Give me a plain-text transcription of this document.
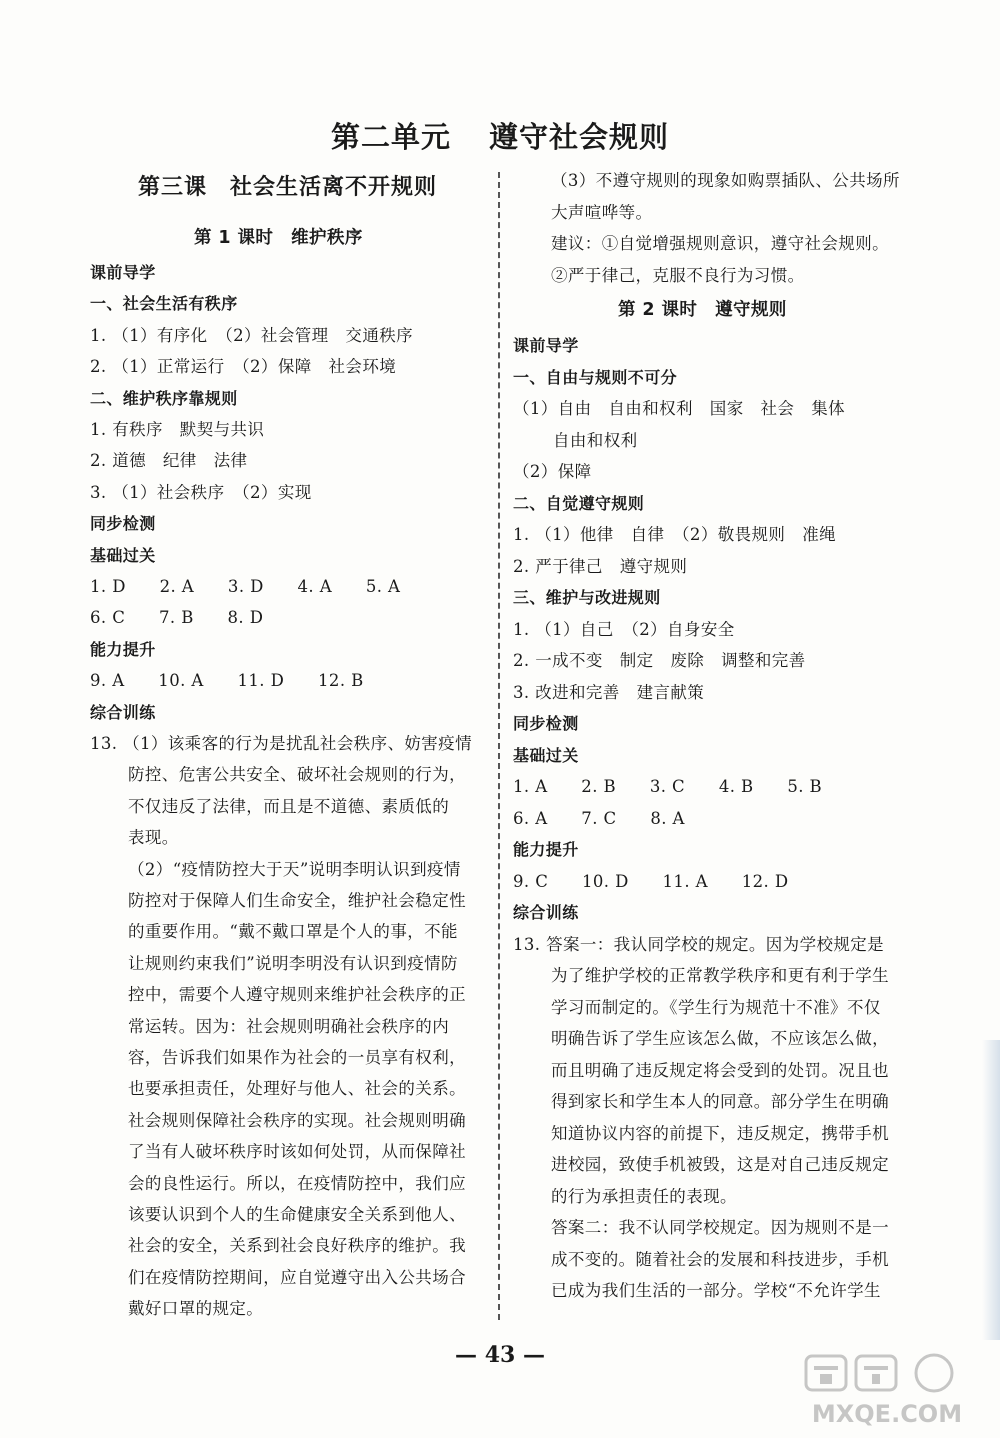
第二单元 遵守社会规则
第三课　社会生活离不开规则
第 1 课时　维护秩序
课前导学
一、社会生活有秩序
1. （1）有序化　（2）社会管理　交通秩序
2. （1）正常运行　（2）保障　社会环境
二、维护秩序靠规则
1. 有秩序　默契与共识
2. 道德　纪律　法律
3. （1）社会秩序　（2）实现
同步检测
基础过关
1. D　　2. A　　3. D　　4. A　　5. A
6. C　　7. B　　8. D
能力提升
9. A　　10. A　　11. D　　12. B
综合训练
13. （1）该乘客的行为是扰乱社会秩序、妨害疫情
防控、危害公共安全、破坏社会规则的行为，
不仅违反了法律，而且是不道德、素质低的
表现。
（2）“疫情防控大于天”说明李明认识到疫情
防控对于保障人们生命安全，维护社会稳定性
的重要作用。“戴不戴口罩是个人的事，不能
让规则约束我们”说明李明没有认识到疫情防
控中，需要个人遵守规则来维护社会秩序的正
常运转。因为：社会规则明确社会秩序的内
容，告诉我们如果作为社会的一员享有权利，
也要承担责任，处理好与他人、社会的关系。
社会规则保障社会秩序的实现。社会规则明确
了当有人破坏秩序时该如何处罚，从而保障社
会的良性运行。所以，在疫情防控中，我们应
该要认识到个人的生命健康安全关系到他人、
社会的安全，关系到社会良好秩序的维护。我
们在疫情防控期间，应自觉遵守出入公共场合
戴好口罩的规定。
（3）不遵守规则的现象如购票插队、公共场所
大声喧哗等。
建议：①自觉增强规则意识，遵守社会规则。
②严于律己，克服不良行为习惯。
第 2 课时　遵守规则
课前导学
一、自由与规则不可分
（1）自由　自由和权利　国家　社会　集体
自由和权利
（2）保障
二、自觉遵守规则
1. （1）他律　自律　（2）敬畏规则　准绳
2. 严于律己　遵守规则
三、维护与改进规则
1. （1）自己　（2）自身安全
2. 一成不变　制定　废除　调整和完善
3. 改进和完善　建言献策
同步检测
基础过关
1. A　　2. B　　3. C　　4. B　　5. B
6. A　　7. C　　8. A
能力提升
9. C　　10. D　　11. A　　12. D
综合训练
13. 答案一：我认同学校的规定。因为学校规定是
为了维护学校的正常教学秩序和更有利于学生
学习而制定的。《学生行为规范十不准》不仅
明确告诉了学生应该怎么做，不应该怎么做，
而且明确了违反规定将会受到的处罚。况且也
得到家长和学生本人的同意。部分学生在明确
知道协议内容的前提下，违反规定，携带手机
进校园，致使手机被毁，这是对自己违反规定
的行为承担责任的表现。
答案二：我不认同学校规定。因为规则不是一
成不变的。随着社会的发展和科技进步，手机
已成为我们生活的一部分。学校“不允许学生
— 43 —
MXQE.COM
